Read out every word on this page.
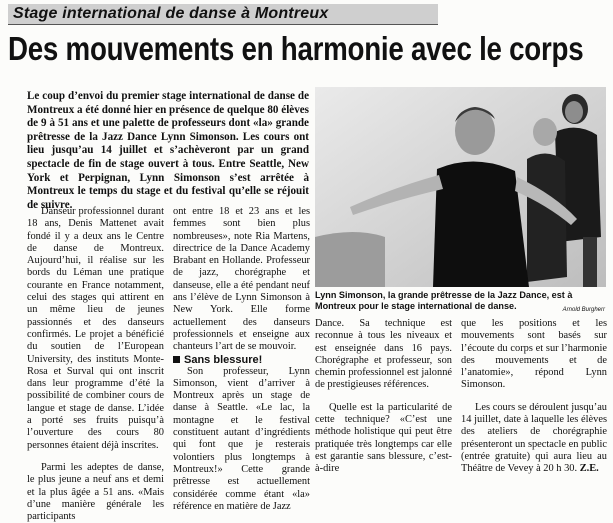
Stage international de danse à Montreux
Des mouvements en harmonie avec le corps

Le coup d’envoi du premier stage international de danse de Montreux a été donné hier en présence de quelque 80 élèves de 9 à 51 ans et une palette de professeurs dont «la» grande prêtresse de la Jazz Dance Lynn Simonson. Les cours ont lieu jusqu’au 14 juillet et s’achèveront par un grand spectacle de fin de stage ouvert à tous. Entre Seattle, New York et Perpignan, Lynn Simonson s’est arrêtée à Montreux le temps du stage et du festival qu’elle se réjouit de suivre.

Lynn Simonson, la grande prêtresse de la Jazz Dance, est à Montreux pour le stage international de danse.	Arnold Burgherr

Danseur professionnel durant 18 ans, Denis Mattenet avait fondé il y a deux ans le Centre de danse de Montreux. Aujourd’hui, il réalise sur les bords du Léman une pratique courante en France notamment, celui des stages qui attirent en un même lieu de jeunes passionnés et des danseurs confirmés. Le projet a bénéficié du soutien de l’European University, des instituts Monte-Rosa et Surval qui ont inscrit dans leur programme d’été la possibilité de combiner cours de langue et stage de danse. L’idée a porté ses fruits puisqu’à l’ouverture des cours 80 personnes étaient déjà inscrites.

Parmi les adeptes de danse, le plus jeune a neuf ans et demi et la plus âgée a 51 ans. «Mais d’une manière générale les participants

ont entre 18 et 23 ans et les femmes sont bien plus nombreuses», note Ria Martens, directrice de la Dance Academy Brabant en Hollande. Professeur de jazz, chorégraphe et danseuse, elle a été pendant neuf ans l’élève de Lynn Simonson à New York. Elle forme actuellement des danseurs professionnels et enseigne aux chanteurs l’art de se mouvoir.

Sans blessure!

Son professeur, Lynn Simonson, vient d’arriver à Montreux après un stage de danse à Seattle. «Le lac, la montagne et le festival constituent autant d’ingrédients qui font que je resterais volontiers plus longtemps à Montreux!» Cette grande prêtresse est actuellement considérée comme étant «la» référence en matière de Jazz

Dance. Sa technique est reconnue à tous les niveaux et est enseignée dans 16 pays. Chorégraphe et professeur, son chemin professionnel est jalonné de prestigieuses références.

Quelle est la particularité de cette technique? «C’est une méthode holistique qui peut être pratiquée très longtemps car elle est garantie sans blessure, c’est-à-dire

que les positions et les mouvements sont basés sur l’écoute du corps et sur l’harmonie des mouvements et de l’anatomie», répond Lynn Simonson.

Les cours se déroulent jusqu’au 14 juillet, date à laquelle les élèves des ateliers de chorégraphie présenteront un spectacle en public (entrée gratuite) qui aura lieu au Théâtre de Vevey à 20 h 30. Z.E.
